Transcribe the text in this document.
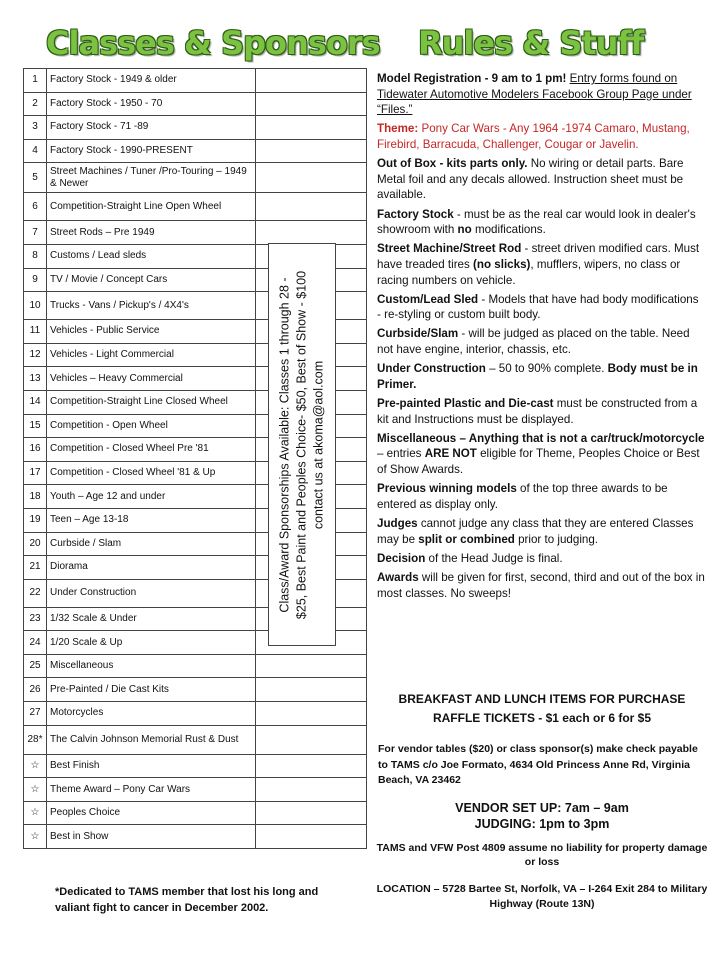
Classes & Sponsors Rules & Stuff
1	Factory Stock - 1949 & older	
2	Factory Stock - 1950 - 70	
3	Factory Stock - 71 -89	
4	Factory Stock - 1990-PRESENT	
5	Street Machines / Tuner /Pro-Touring – 1949 & Newer	
6	Competition-Straight Line Open Wheel	
7	Street Rods – Pre 1949	
8	Customs / Lead sleds	
9	TV / Movie / Concept Cars	
10	Trucks - Vans / Pickup's / 4X4's	
11	Vehicles - Public Service	
12	Vehicles - Light Commercial	
13	Vehicles – Heavy Commercial	
14	Competition-Straight Line Closed Wheel	
15	Competition - Open Wheel	
16	Competition - Closed Wheel Pre '81	
17	Competition - Closed Wheel '81 & Up	
18	Youth – Age 12 and under	
19	Teen – Age 13-18	
20	Curbside / Slam	
21	Diorama	
22	Under Construction	
23	1/32 Scale & Under	
24	1/20 Scale & Up	
25	Miscellaneous	
26	Pre-Painted / Die Cast Kits	
27	Motorcycles	
28*	The Calvin Johnson Memorial Rust & Dust	
☆	Best Finish	
☆	Theme Award – Pony Car Wars	
☆	Peoples Choice	
☆	Best in Show	
Class/Award Sponsorships Available: Classes 1 through 28 - $25, Best Paint and Peoples Choice- $50, Best of Show - $100 contact us at akoma@aol.com
*Dedicated to TAMS member that lost his long and valiant fight to cancer in December 2002.

Model Registration - 9 am to 1 pm! Entry forms found on Tidewater Automotive Modelers Facebook Group Page under “Files.”

Theme: Pony Car Wars - Any 1964 -1974 Camaro, Mustang, Firebird, Barracuda, Challenger, Cougar or Javelin.

Out of Box - kits parts only. No wiring or detail parts. Bare Metal foil and any decals allowed. Instruction sheet must be available.

Factory Stock - must be as the real car would look in dealer's showroom with no modifications.

Street Machine/Street Rod - street driven modified cars. Must have treaded tires (no slicks), mufflers, wipers, no class or racing numbers on vehicle.

Custom/Lead Sled - Models that have had body modifications - re-styling or custom built body.

Curbside/Slam - will be judged as placed on the table. Need not have engine, interior, chassis, etc.

Under Construction – 50 to 90% complete. Body must be in Primer.

Pre-painted Plastic and Die-cast must be constructed from a kit and Instructions must be displayed.

Miscellaneous – Anything that is not a car/truck/motorcycle – entries ARE NOT eligible for Theme, Peoples Choice or Best of Show Awards.

Previous winning models of the top three awards to be entered as display only.

Judges cannot judge any class that they are entered Classes may be split or combined prior to judging.

Decision of the Head Judge is final.

Awards will be given for first, second, third and out of the box in most classes. No sweeps!

BREAKFAST AND LUNCH ITEMS FOR PURCHASE
RAFFLE TICKETS - $1 each or 6 for $5
For vendor tables ($20) or class sponsor(s) make check payable to TAMS c/o Joe Formato, 4634 Old Princess Anne Rd, Virginia Beach, VA 23462
VENDOR SET UP: 7am – 9am
JUDGING: 1pm to 3pm
TAMS and VFW Post 4809 assume no liability for property damage or loss
LOCATION – 5728 Bartee St, Norfolk, VA – I-264 Exit 284 to Military Highway (Route 13N)
